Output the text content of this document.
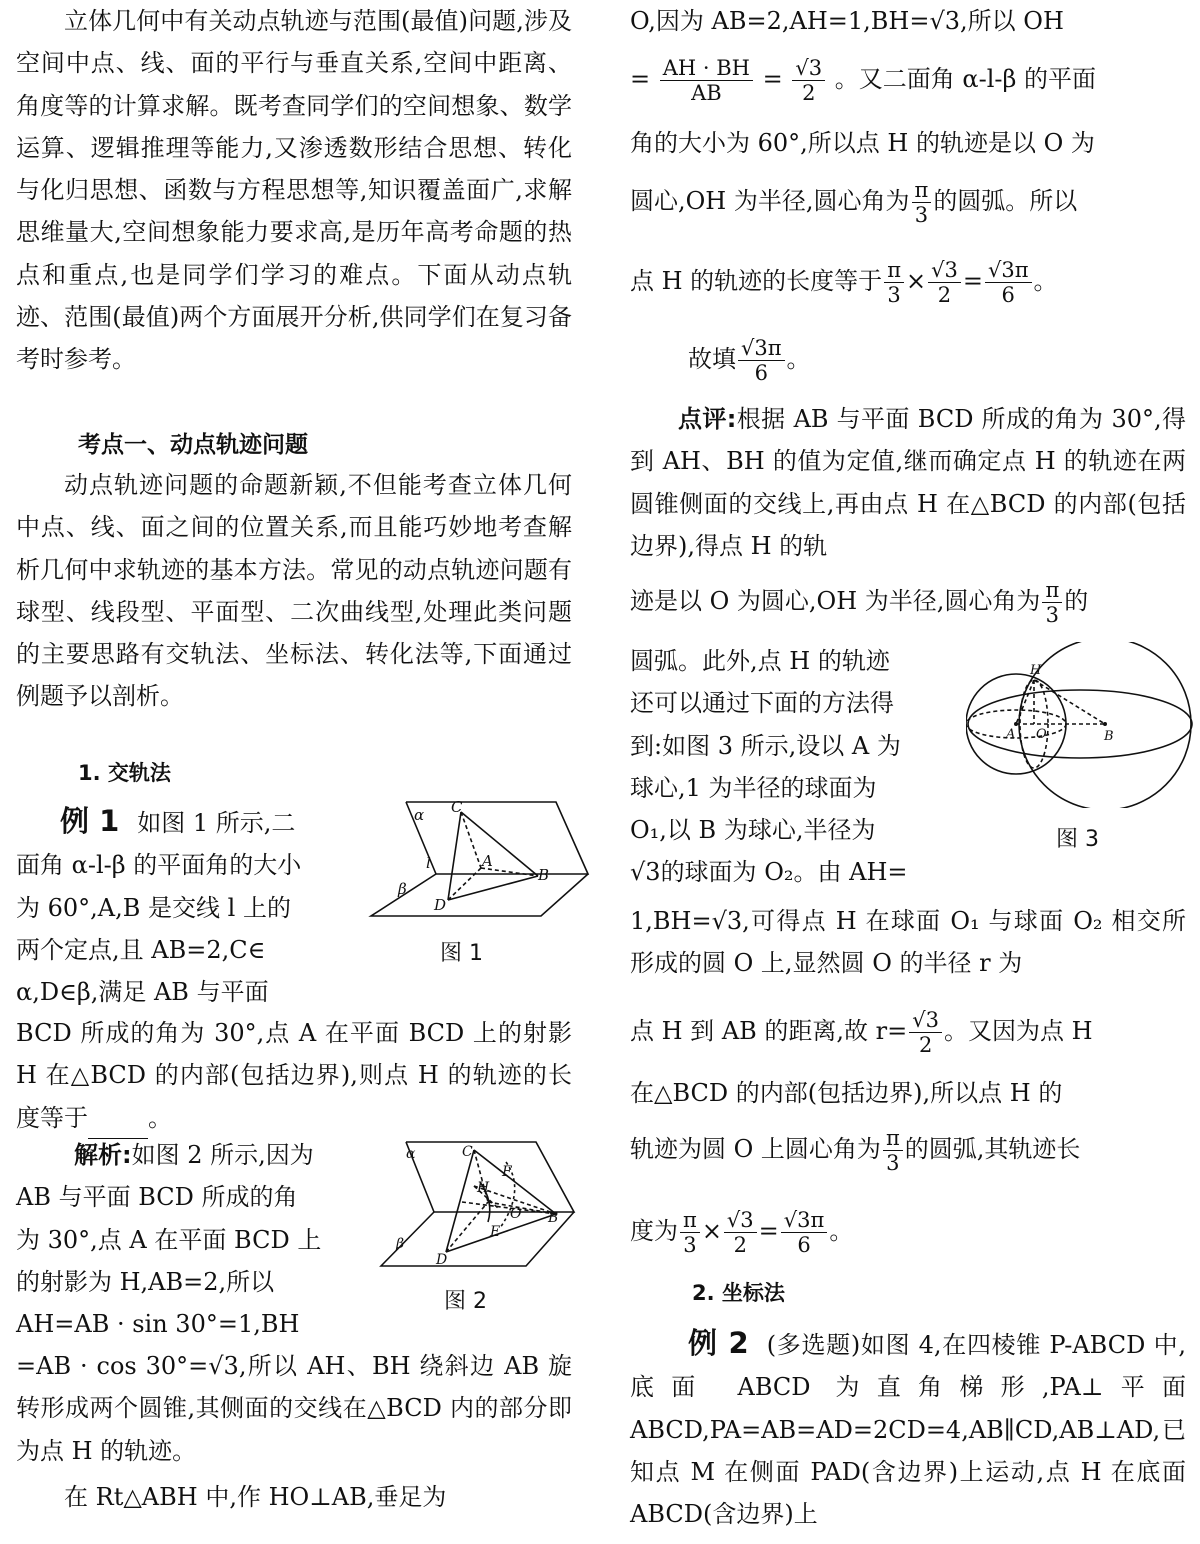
立体几何中有关动点轨迹与范围(最值)问题,涉及空间中点、线、面的平行与垂直关系,空间中距离、角度等的计算求解。既考查同学们的空间想象、数学运算、逻辑推理等能力,又渗透数形结合思想、转化与化归思想、函数与方程思想等,知识覆盖面广,求解思维量大,空间想象能力要求高,是历年高考命题的热点和重点,也是同学们学习的难点。下面从动点轨迹、范围(最值)两个方面展开分析,供同学们在复习备考时参考。

考点一、动点轨迹问题

动点轨迹问题的命题新颖,不但能考查立体几何中点、线、面之间的位置关系,而且能巧妙地考查解析几何中求轨迹的基本方法。常见的动点轨迹问题有球型、线段型、平面型、二次曲线型,处理此类问题的主要思路有交轨法、坐标法、转化法等,下面通过例题予以剖析。

1. 交轨法

例 1 如图 1 所示,二

面角 α-l-β 的平面角的大小

为 60°,A,B 是交线 l 上的

两个定点,且 AB=2,C∈

α,D∈β,满足 AB 与平面

BCD 所成的角为 30°,点 A 在平面 BCD 上的射影 H 在△BCD 的内部(包括边界),则点 H 的轨迹的长度等于	。

解析:如图 2 所示,因为

AB 与平面 BCD 所成的角

为 30°,点 A 在平面 BCD 上

的射影为 H,AB=2,所以

AH=AB · sin 30°=1,BH

=AB · cos 30°=√3,所以 AH、BH 绕斜边 AB 旋转形成两个圆锥,其侧面的交线在△BCD 内的部分即为点 H 的轨迹。

在 Rt△ABH 中,作 HO⊥AB,垂足为

α C
l	A
B
β
D
图 1
α	C
F
H
O
E
B
β
D
图 2

O,因为 AB=2,AH=1,BH=√3,所以 OH

= $\frac{AH \cdot BH}{AB} = \frac{√3}{2}$ 。又二面角 α-l-β 的平面

角的大小为 60°,所以点 H 的轨迹是以 O 为

圆心,OH 为半径,圆心角为 $\frac{\pi}{3}$ 的圆弧。所以

点 H 的轨迹的长度等于 $\frac{\pi}{3} \times \frac{√3}{2} = \frac{√3\pi}{6}$ 。

故填 $\frac{√3\pi}{6}$ 。

点评:根据 AB 与平面 BCD 所成的角为 30°,得到 AH、BH 的值为定值,继而确定点 H 的轨迹在两圆锥侧面的交线上,再由点 H 在△BCD 的内部(包括边界),得点 H 的轨

迹是以 O 为圆心,OH 为半径,圆心角为 $\frac{\pi}{3}$ 的

圆弧。此外,点 H 的轨迹

还可以通过下面的方法得

到:如图 3 所示,设以 A 为

球心,1 为半径的球面为

O₁,以 B 为球心,半径为

√3的球面为 O₂。由 AH=

1,BH=√3,可得点 H 在球面 O₁ 与球面 O₂ 相交所形成的圆 O 上,显然圆 O 的半径 r 为

点 H 到 AB 的距离,故 $r= \frac{√3}{2}$ 。又因为点 H

在△BCD 的内部(包括边界),所以点 H 的

轨迹为圆 O 上圆心角为 $\frac{\pi}{3}$ 的圆弧,其轨迹长

度为 $\frac{\pi}{3} \times \frac{√3}{2} = \frac{√3\pi}{6}$ 。

2. 坐标法

例 2 (多选题)如图 4,在四棱锥 P-ABCD 中,底面 ABCD 为直角梯形,PA⊥平面 ABCD,PA=AB=AD=2CD=4,AB∥CD,AB⊥AD,已知点 M 在侧面 PAD(含边界)上运动,点 H 在底面 ABCD(含边界)上

H
A O	B
图 3
